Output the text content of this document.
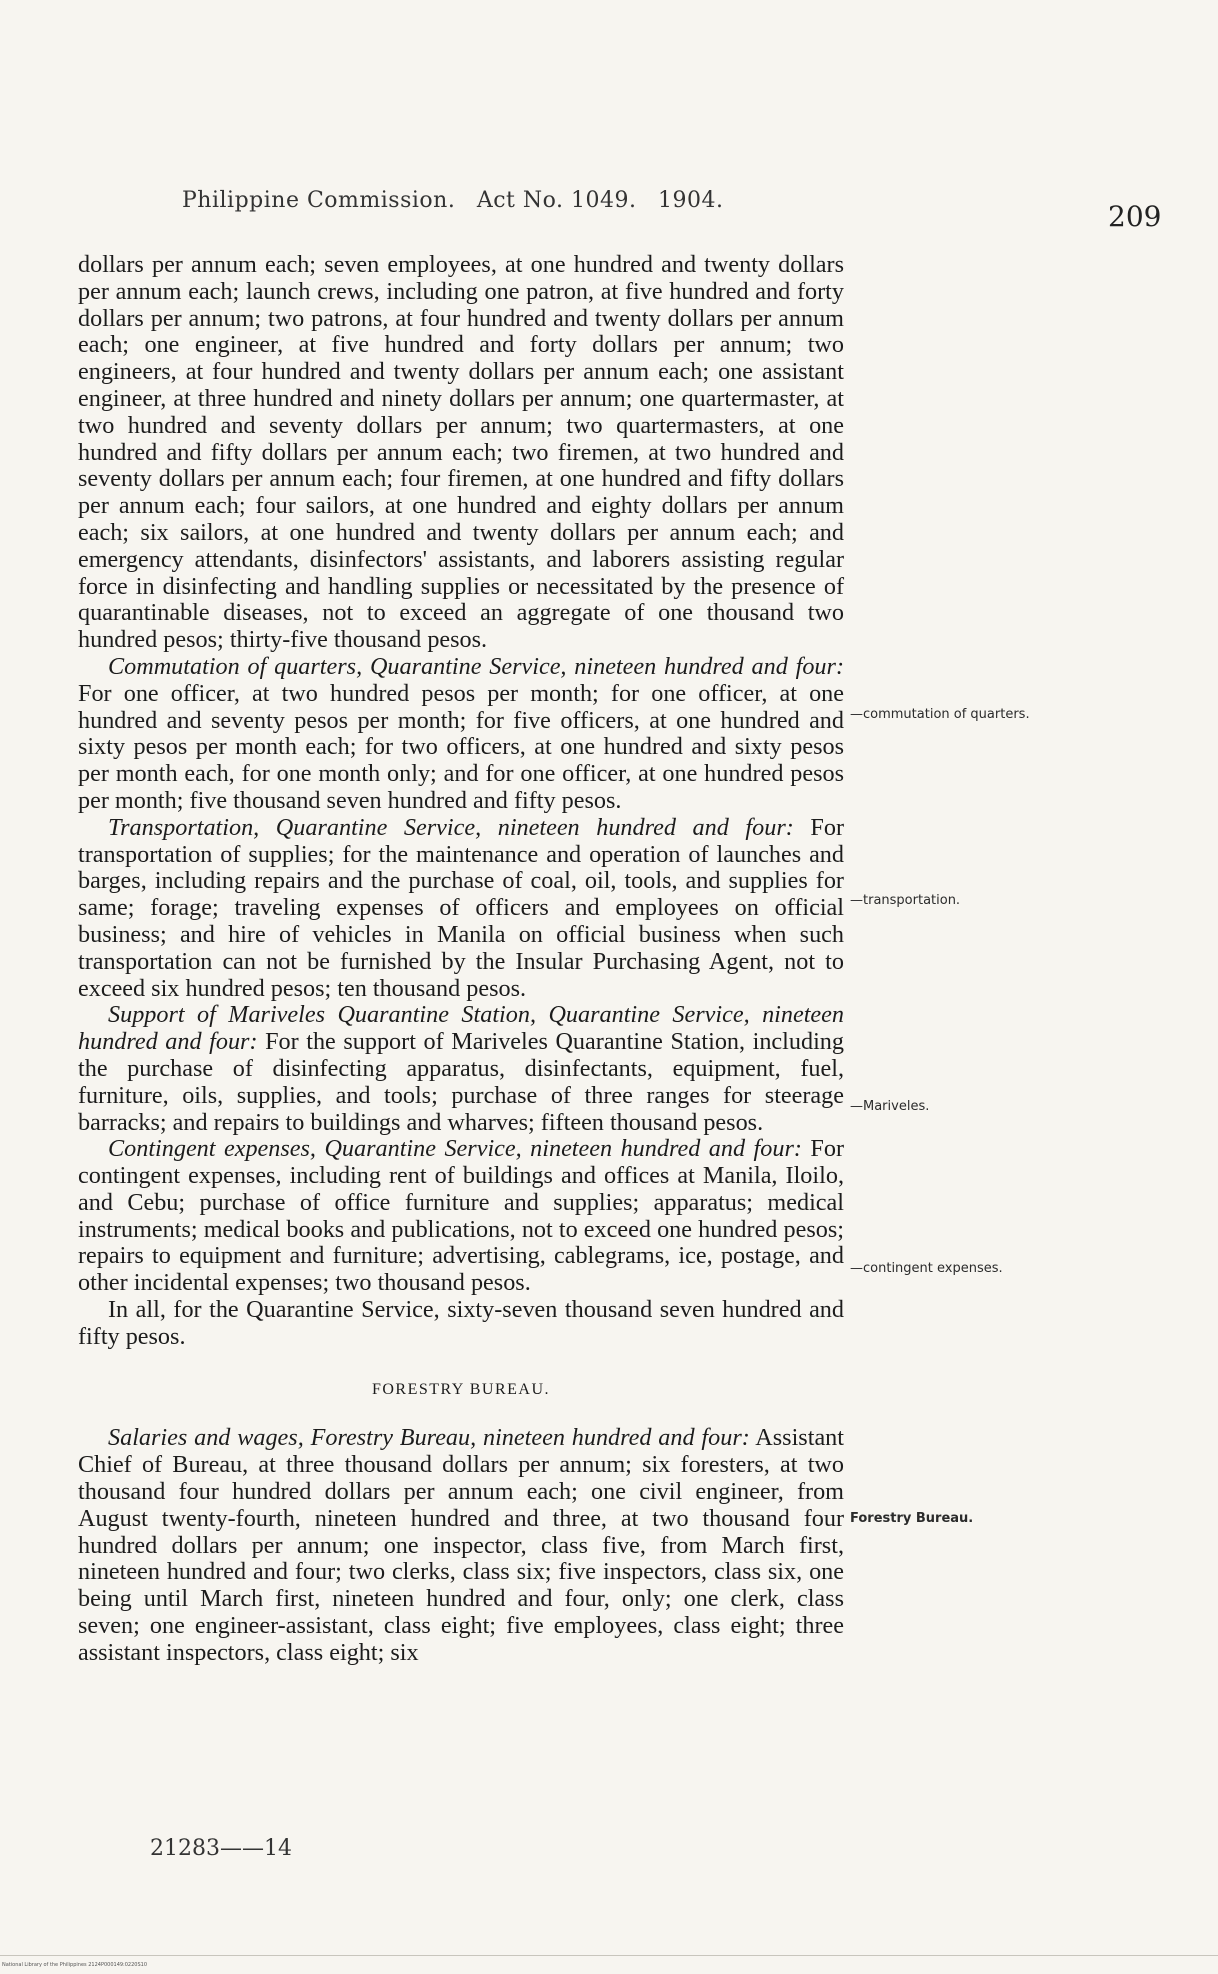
Philippine Commission. Act No. 1049. 1904.	209

dollars per annum each; seven employees, at one hundred and twenty dollars per annum each; launch crews, including one patron, at five hundred and forty dollars per annum; two patrons, at four hundred and twenty dollars per annum each; one engineer, at five hundred and forty dollars per annum; two engineers, at four hundred and twenty dollars per annum each; one assistant engineer, at three hundred and ninety dollars per annum; one quartermaster, at two hundred and seventy dollars per annum; two quartermasters, at one hundred and fifty dollars per annum each; two firemen, at two hundred and seventy dollars per annum each; four firemen, at one hundred and fifty dollars per annum each; four sailors, at one hundred and eighty dollars per annum each; six sailors, at one hundred and twenty dollars per annum each; and emergency attendants, disinfectors' assistants, and laborers assisting regular force in disinfecting and handling supplies or necessitated by the presence of quarantinable diseases, not to exceed an aggregate of one thousand two hundred pesos; thirty-five thousand pesos.

Commutation of quarters, Quarantine Service, nineteen hundred and four: For one officer, at two hundred pesos per month; for one officer, at one hundred and seventy pesos per month; for five officers, at one hundred and sixty pesos per month each; for two officers, at one hundred and sixty pesos per month each, for one month only; and for one officer, at one hundred pesos per month; five thousand seven hundred and fifty pesos.

Transportation, Quarantine Service, nineteen hundred and four: For transportation of supplies; for the maintenance and operation of launches and barges, including repairs and the purchase of coal, oil, tools, and supplies for same; forage; traveling expenses of officers and employees on official business; and hire of vehicles in Manila on official business when such transportation can not be furnished by the Insular Purchasing Agent, not to exceed six hundred pesos; ten thousand pesos.

Support of Mariveles Quarantine Station, Quarantine Service, nineteen hundred and four: For the support of Mariveles Quarantine Station, including the purchase of disinfecting apparatus, disinfectants, equipment, fuel, furniture, oils, supplies, and tools; purchase of three ranges for steerage barracks; and repairs to buildings and wharves; fifteen thousand pesos.

Contingent expenses, Quarantine Service, nineteen hundred and four: For contingent expenses, including rent of buildings and offices at Manila, Iloilo, and Cebu; purchase of office furniture and supplies; apparatus; medical instruments; medical books and publications, not to exceed one hundred pesos; repairs to equipment and furniture; advertising, cablegrams, ice, postage, and other incidental expenses; two thousand pesos.

In all, for the Quarantine Service, sixty-seven thousand seven hundred and fifty pesos.

FORESTRY BUREAU.

Salaries and wages, Forestry Bureau, nineteen hundred and four: Assistant Chief of Bureau, at three thousand dollars per annum; six foresters, at two thousand four hundred dollars per annum each; one civil engineer, from August twenty-fourth, nineteen hundred and three, at two thousand four hundred dollars per annum; one inspector, class five, from March first, nineteen hundred and four; two clerks, class six; five inspectors, class six, one being until March first, nineteen hundred and four, only; one clerk, class seven; one engineer-assistant, class eight; five employees, class eight; three assistant inspectors, class eight; six

—commutation of quarters.
—transportation.
—Mariveles.
—contingent expenses.
Forestry Bureau.
21283——14
National Library of the Philippines 2124P000149:0220S10
